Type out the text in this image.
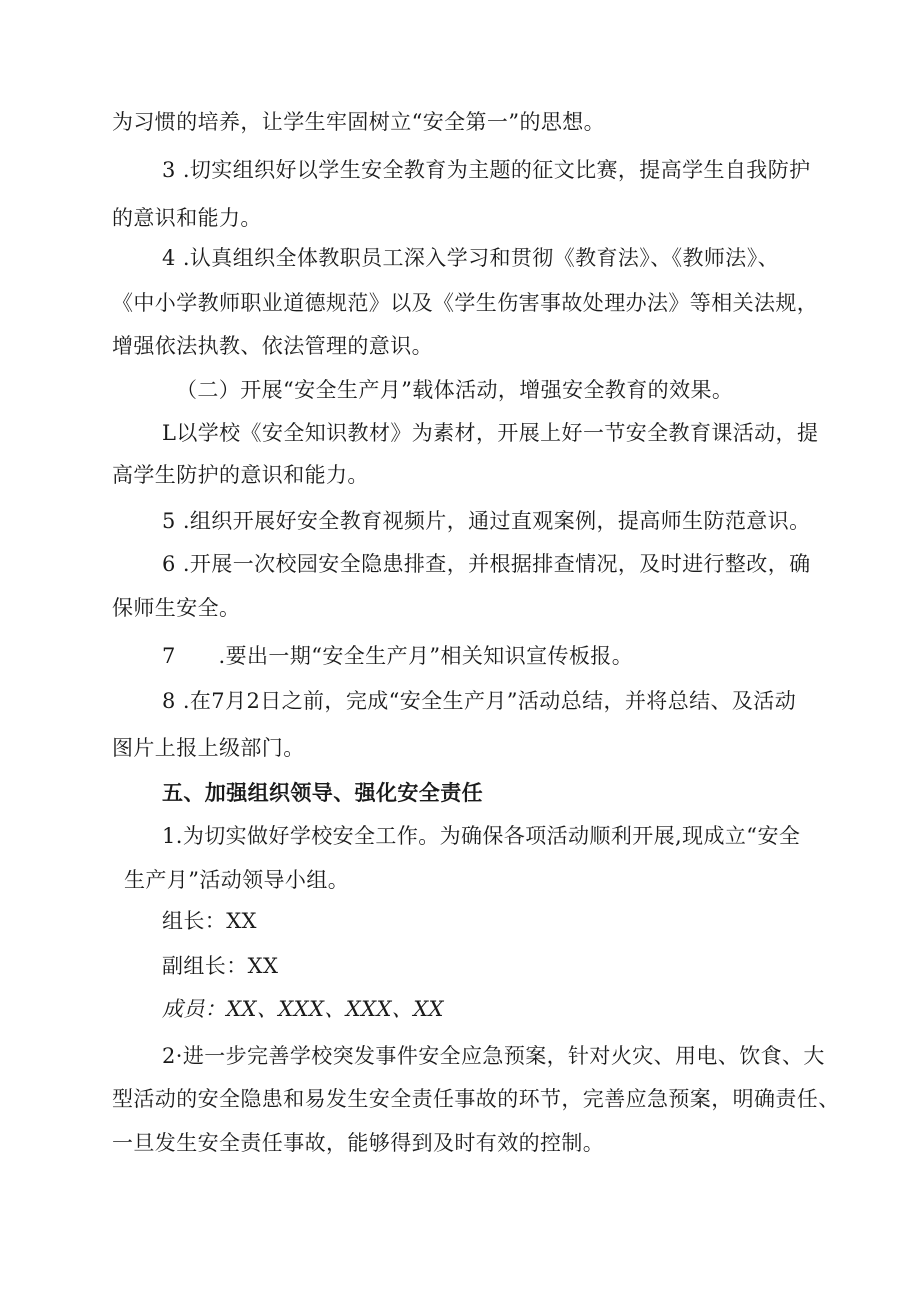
为习惯的培养，让学生牢固树立“安全第一”的思想。
3 .切实组织好以学生安全教育为主题的征文比赛，提高学生自我防护
的意识和能力。
4 .认真组织全体教职员工深入学习和贯彻《教育法》、《教师法》、
《中小学教师职业道德规范》以及《学生伤害事故处理办法》等相关法规，
增强依法执教、依法管理的意识。
（二）开展“安全生产月”载体活动，增强安全教育的效果。
L以学校《安全知识教材》为素材，开展上好一节安全教育课活动，提
高学生防护的意识和能力。
5 .组织开展好安全教育视频片，通过直观案例，提高师生防范意识。
6 .开展一次校园安全隐患排查，并根据排查情况，及时进行整改，确
保师生安全。
7　　.要出一期“安全生产月”相关知识宣传板报。
8 .在7月2日之前，完成“安全生产月”活动总结，并将总结、及活动
图片上报上级部门。
五、加强组织领导、强化安全责任
1.为切实做好学校安全工作。为确保各项活动顺利开展,现成立“安全
生产月”活动领导小组。
组长：XX
副组长：XX
成员：XX、XXX、XXX、XX
2·进一步完善学校突发事件安全应急预案，针对火灾、用电、饮食、大
型活动的安全隐患和易发生安全责任事故的环节，完善应急预案，明确责任、
一旦发生安全责任事故，能够得到及时有效的控制。
